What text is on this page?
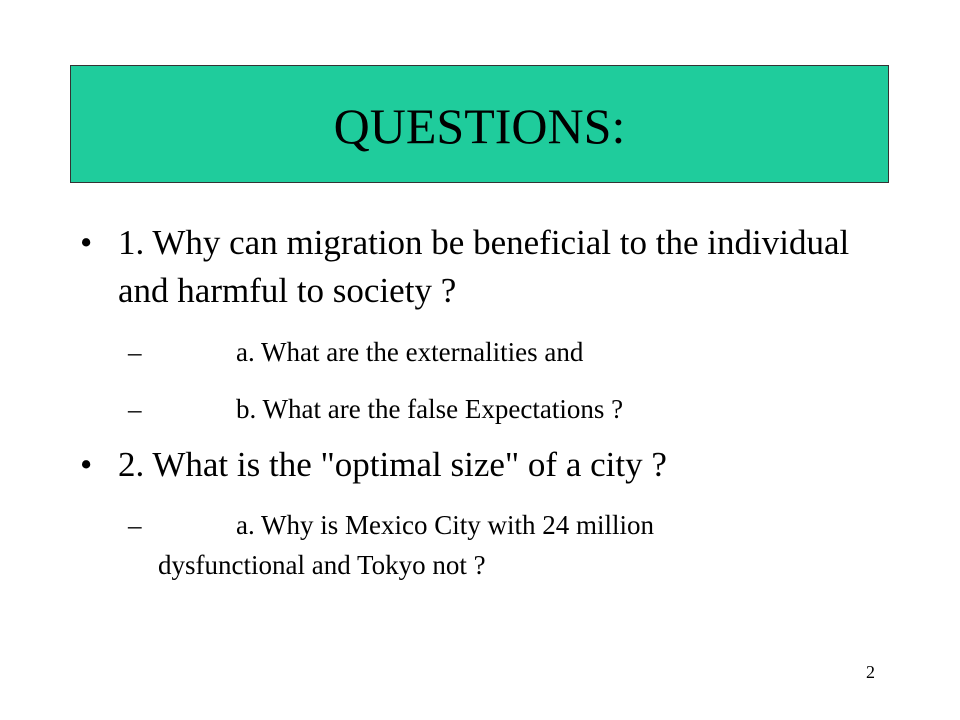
QUESTIONS:
• 1. Why can migration be beneficial to the individual and harmful to society ?
–	a. What are the externalities and
–	b. What are the false Expectations ?
• 2. What is the "optimal size" of a city ?
–	a. Why is Mexico City with 24 million
dysfunctional and Tokyo not ?
2
